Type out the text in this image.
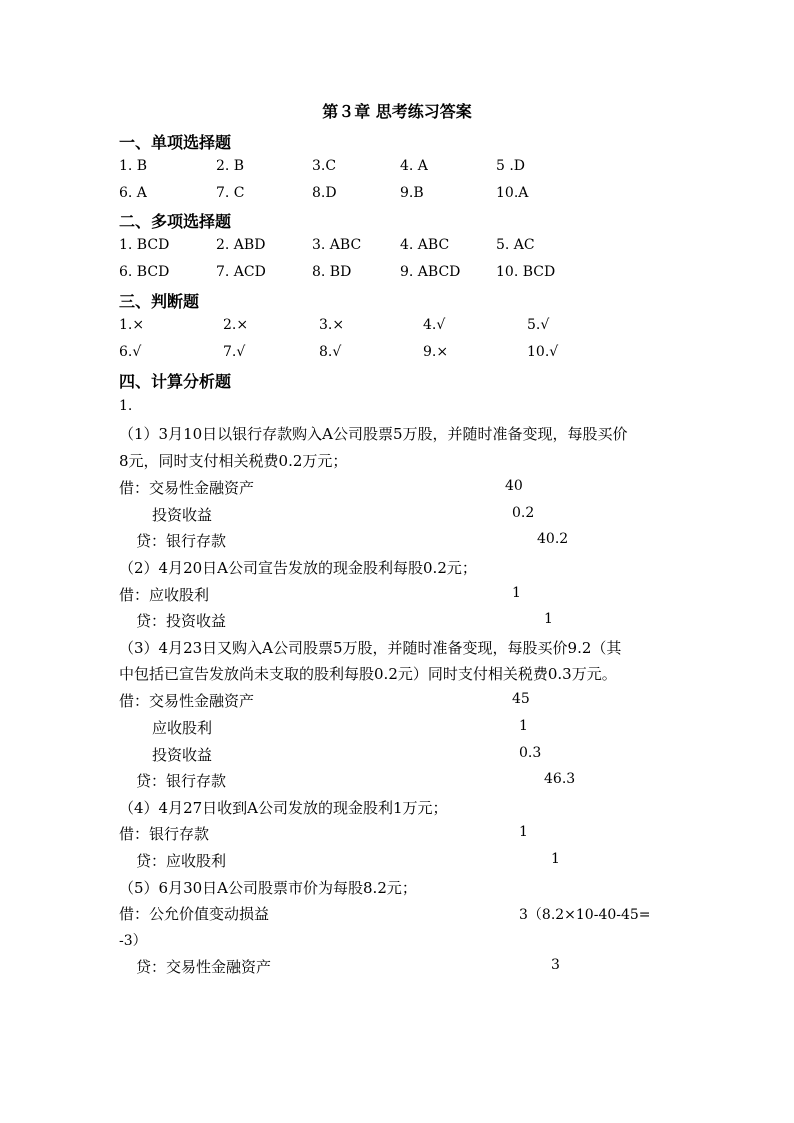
第３章 思考练习答案
一、单项选择题
1. B	2. B	3.C	4. A	5 .D
6. A	7. C	8.D	9.B	10.A
二、多项选择题
1. BCD	2. ABD	3. ABC	4. ABC	5. AC
6. BCD	7. ACD	8. BD	9. ABCD	10. BCD
三、判断题
1.×	2.×	3.×	4.√	5.√
6.√	7.√	8.√	9.×	10.√
四、计算分析题
1.
（1）3月10日以银行存款购入A公司股票5万股，并随时准备变现，每股买价
8元，同时支付相关税费0.2万元；
借：交易性金融资产	40
投资收益	0.2
贷：银行存款	40.2
（2）4月20日A公司宣告发放的现金股利每股0.2元；
借：应收股利	1
贷：投资收益	1
（3）4月23日又购入A公司股票5万股，并随时准备变现，每股买价9.2（其
中包括已宣告发放尚未支取的股利每股0.2元）同时支付相关税费0.3万元。
借：交易性金融资产	45
应收股利	1
投资收益	0.3
贷：银行存款	46.3
（4）4月27日收到A公司发放的现金股利1万元；
借：银行存款	1
贷：应收股利	1
（5）6月30日A公司股票市价为每股8.2元；
借：公允价值变动损益	3（8.2×10-40-45=
-3）
贷：交易性金融资产	3
